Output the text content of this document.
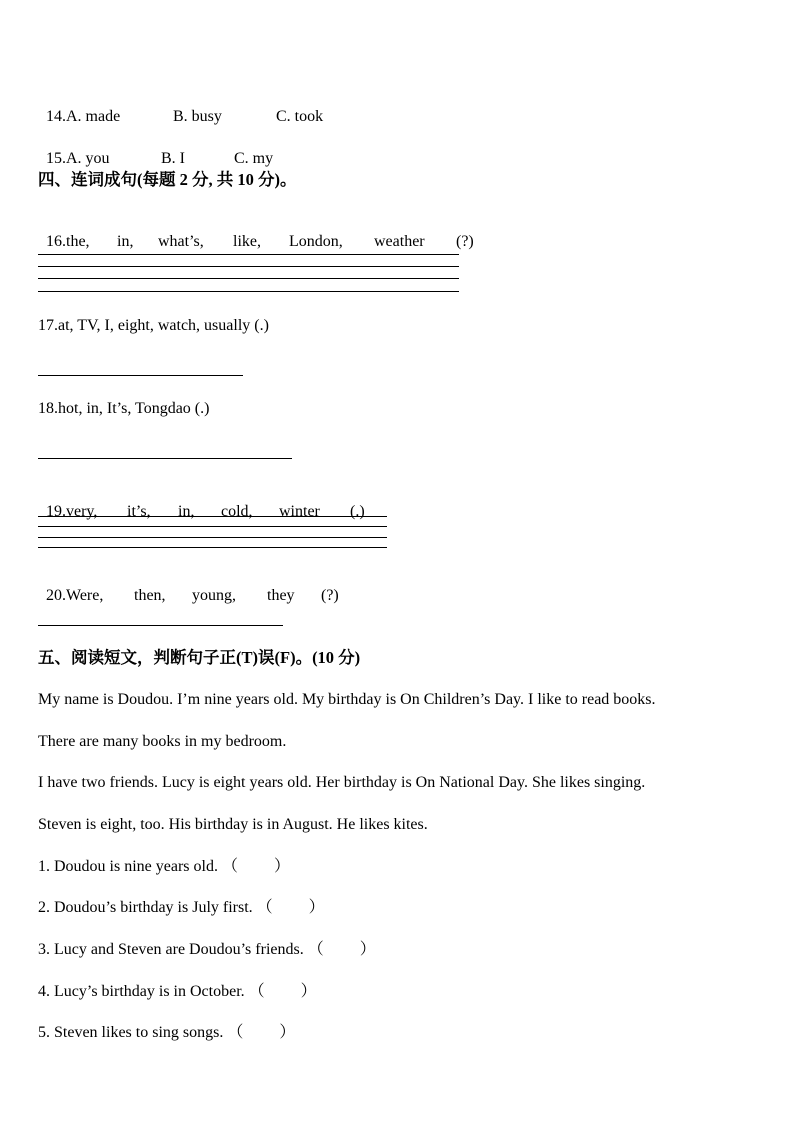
14.A. made	B. busy	C. took

15.A. you	B. I	C. my

四、连词成句(每题 2 分, 共 10 分)。

16.the, in, what’s, like, London, weather (?)

17.at, TV, I, eight, watch, usually (.)
18.hot, in, It’s, Tongdao (.)

19.very, it’s, in, cold, winter (.)

20.Were, then, young, they (?)

五、阅读短文，判断句子正(T)误(F)。(10 分)
My name is Doudou. I’m nine years old. My birthday is On Children’s Day. I like to read books.
There are many books in my bedroom.
I have two friends. Lucy is eight years old. Her birthday is On National Day. She likes singing.
Steven is eight, too. His birthday is in August. He likes kites.
1. Doudou is nine years old. （　　 ）
2. Doudou’s birthday is July first. （　　 ）
3. Lucy and Steven are Doudou’s friends. （　　 ）
4. Lucy’s birthday is in October. （　　 ）
5. Steven likes to sing songs. （　　 ）
